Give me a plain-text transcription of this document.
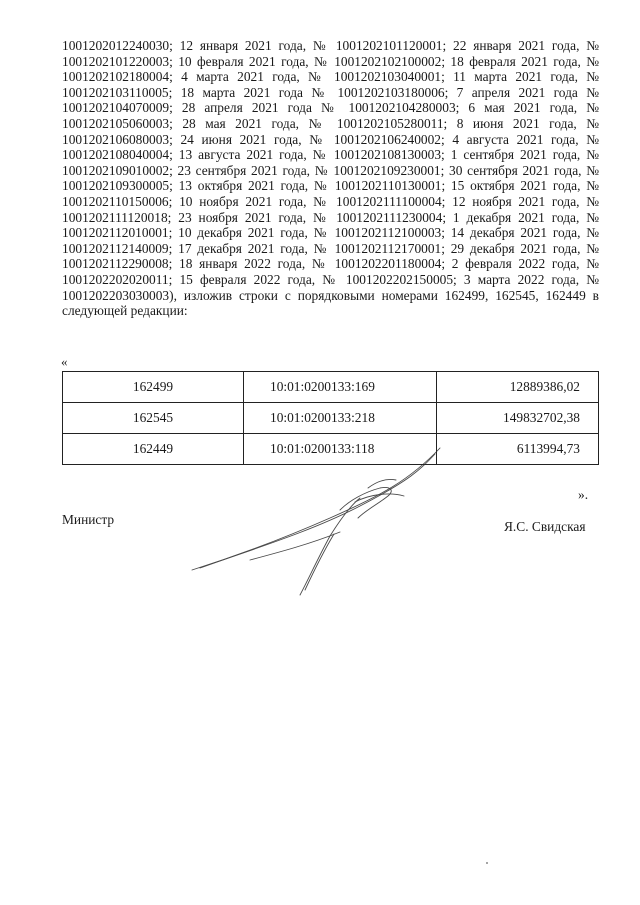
1001202012240030; 12 января 2021 года, № 1001202101120001; 22 января 2021 года, № 1001202101220003; 10 февраля 2021 года, № 1001202102100002; 18 февраля 2021 года, № 1001202102180004; 4 марта 2021 года, № 1001202103040001; 11 марта 2021 года, № 1001202103110005; 18 марта 2021 года № 1001202103180006; 7 апреля 2021 года № 1001202104070009; 28 апреля 2021 года № 1001202104280003; 6 мая 2021 года, № 1001202105060003; 28 мая 2021 года, № 1001202105280011; 8 июня 2021 года, № 1001202106080003; 24 июня 2021 года, № 1001202106240002; 4 августа 2021 года, № 1001202108040004; 13 августа 2021 года, № 1001202108130003; 1 сентября 2021 года, № 1001202109010002; 23 сентября 2021 года, № 1001202109230001; 30 сентября 2021 года, № 1001202109300005; 13 октября 2021 года, № 1001202110130001; 15 октября 2021 года, № 1001202110150006; 10 ноября 2021 года, № 1001202111100004; 12 ноября 2021 года, № 1001202111120018; 23 ноября 2021 года, № 1001202111230004; 1 декабря 2021 года, № 1001202112010001; 10 декабря 2021 года, № 1001202112100003; 14 декабря 2021 года, № 1001202112140009; 17 декабря 2021 года, № 1001202112170001; 29 декабря 2021 года, № 1001202112290008; 18 января 2022 года, № 1001202201180004; 2 февраля 2022 года, № 1001202202020011; 15 февраля 2022 года, № 1001202202150005; 3 марта 2022 года, № 1001202203030003), изложив строки с порядковыми номерами 162499, 162545, 162449 в следующей редакции:

«
162499	10:01:0200133:169	12889386,02
162545	10:01:0200133:218	149832702,38
162449	10:01:0200133:118	6113994,73
».
Министр	Я.С. Свидская
